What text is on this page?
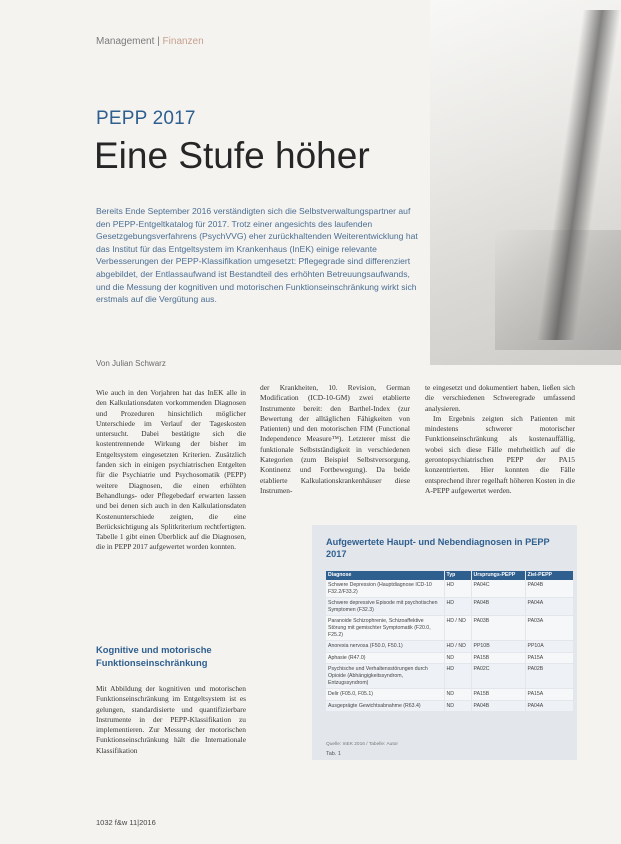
Management | Finanzen
PEPP 2017
Eine Stufe höher
Bereits Ende September 2016 verständigten sich die Selbstverwaltungspartner auf den PEPP-Entgeltkatalog für 2017. Trotz einer angesichts des laufenden Gesetzgebungsverfahrens (PsychVVG) eher zurückhaltenden Weiterentwicklung hat das Institut für das Entgeltsystem im Krankenhaus (InEK) einige relevante Verbesserungen der PEPP-Klassifikation umgesetzt: Pflegegrade sind differenziert abgebildet, der Entlassaufwand ist Bestandteil des erhöhten Betreuungsaufwands, und die Messung der kognitiven und motorischen Funktionseinschränkung wirkt sich erstmals auf die Vergütung aus.
Von Julian Schwarz

Wie auch in den Vorjahren hat das InEK alle in den Kalkulationsdaten vorkommenden Diagnosen und Prozeduren hinsichtlich möglicher Unterschiede im Verlauf der Tageskosten untersucht. Dabei bestätigte sich die kostentrennende Wirkung der bisher im Entgeltsystem eingesetzten Kriterien. Zusätzlich fanden sich in einigen psychiatrischen Entgelten für die Psychiatrie und Psychosomatik (PEPP) weitere Diagnosen, die einen erhöhten Behandlungs- oder Pflegebedarf erwarten lassen und bei denen sich auch in den Kalkulationsdaten Kostenunterschiede zeigten, die eine Berücksichtigung als Splitkriterium rechtfertigten. Tabelle 1 gibt einen Überblick auf die Diagnosen, die in PEPP 2017 aufgewertet worden konnten.

Kognitive und motorische Funktionseinschränkung

Mit Abbildung der kognitiven und motorischen Funktionseinschränkung im Entgeltsystem ist es gelungen, standardisierte und quantifizierbare Instrumente in der PEPP-Klassifikation zu implementieren. Zur Messung der motorischen Funktionseinschränkung hält die Internationale Klassifikation

der Krankheiten, 10. Revision, German Modification (ICD-10-GM) zwei etablierte Instrumente bereit: den Barthel-Index (zur Bewertung der alltäglichen Fähigkeiten von Patienten) und den motorischen FIM (Functional Independence Measure™). Letzterer misst die funktionale Selbstständigkeit in verschiedenen Kategorien (zum Beispiel Selbstversorgung, Kontinenz und Fortbewegung). Da beide etablierte Kalkulationskrankenhäuser diese Instrumen-

te eingesetzt und dokumentiert haben, ließen sich die verschiedenen Schweregrade umfassend analysieren.

Im Ergebnis zeigten sich Patienten mit mindestens schwerer motorischer Funktionseinschränkung als kostenauffällig, wobei sich diese Fälle mehrheitlich auf die gerontopsychiatrischen PEPP der PA15 konzentrierten. Hier konnten die Fälle entsprechend ihrer regelhaft höheren Kosten in die A-PEPP aufgewertet werden.

Aufgewertete Haupt- und Nebendiagnosen in PEPP 2017
Diagnose	Typ	Ursprungs-PEPP	Ziel-PEPP
Schwere Depression (Hauptdiagnose ICD-10 F32.2/F33.2)	HD	PA04C	PA04B
Schwere depressive Episode mit psychotischen Symptomen (F32.3)	HD	PA04B	PA04A
Paranoide Schizophrenie, Schizoaffektive Störung mit gemischter Symptomatik (F20.0, F25.2)	HD / ND	PA03B	PA03A
Anorexia nervosa (F50.0, F50.1)	HD / ND	PP10B	PP10A
Aphasie (R47.0)	ND	PA15B	PA15A
Psychische und Verhaltensstörungen durch Opioide (Abhängigkeitssyndrom, Entzugssyndrom)	HD	PA02C	PA02B
Delir (F05.0, F05.1)	ND	PA15B	PA15A
Ausgeprägte Gewichtsabnahme (R63.4)	ND	PA04B	PA04A
Quelle: InEK 2016 / Tabelle: Autor
Tab. 1
1032 f&w 11|2016
